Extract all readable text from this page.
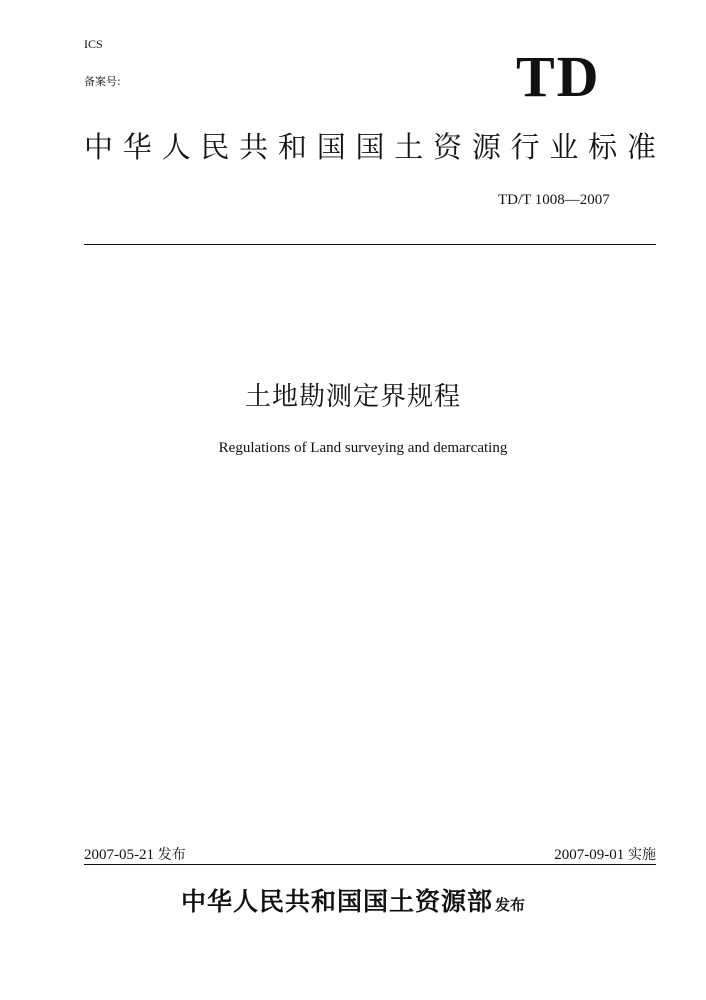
ICS
备案号:	TD
中 华 人 民 共 和 国 国 土 资 源 行 业 标 准
TD/T 1008—2007
土地勘测定界规程
Regulations of Land surveying and demarcating
2007-05-21 发布	2007-09-01 实施
中华人民共和国国土资源部 发布
